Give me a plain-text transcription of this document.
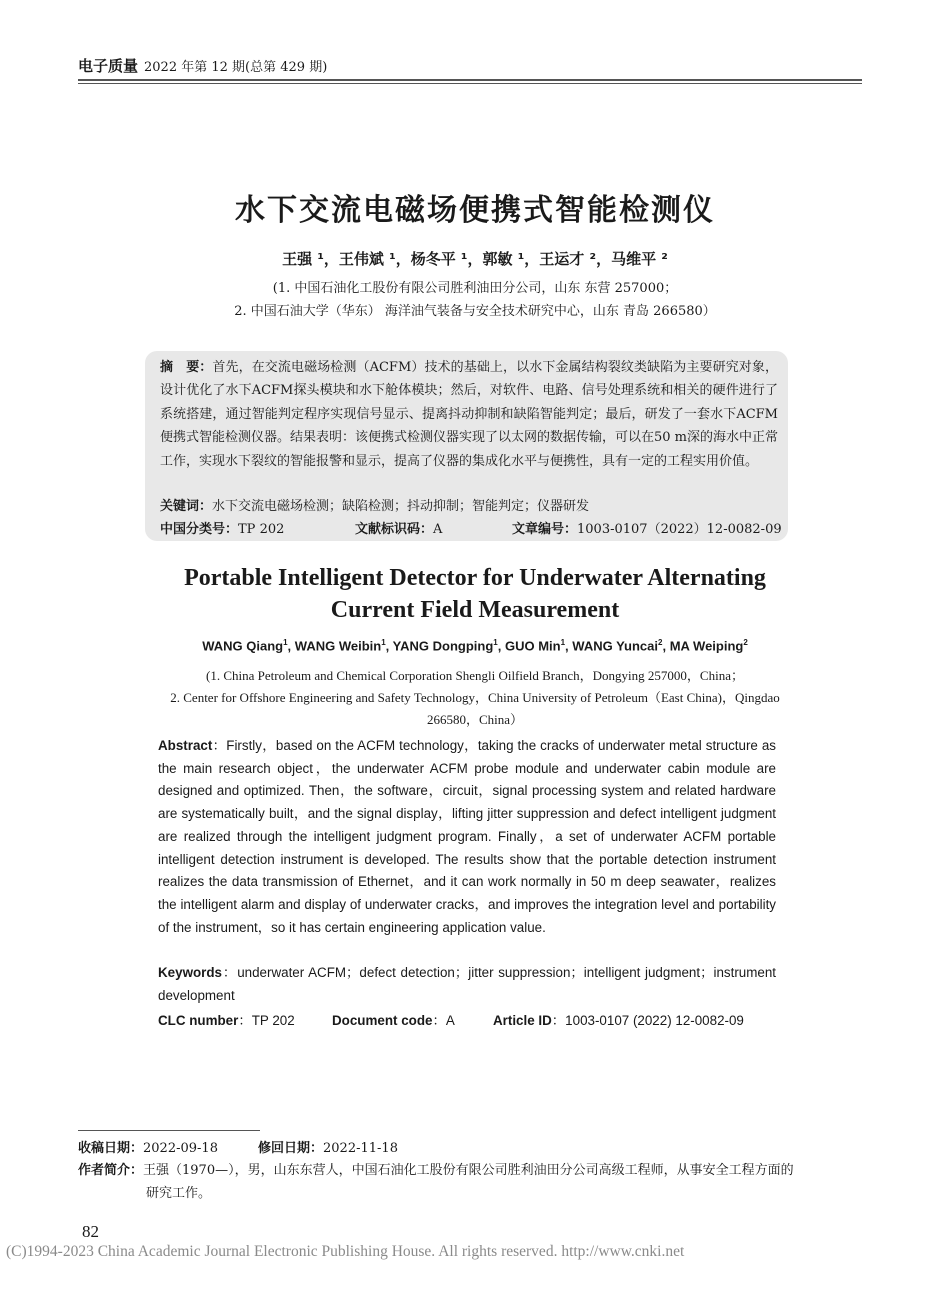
电子质量 2022 年第 12 期(总第 429 期)
水下交流电磁场便携式智能检测仪
王强 ¹，王伟斌 ¹，杨冬平 ¹，郭敏 ¹，王运才 ²，马维平 ²
(1. 中国石油化工股份有限公司胜利油田分公司，山东 东营 257000；
2. 中国石油大学（华东） 海洋油气装备与安全技术研究中心，山东 青岛 266580）
摘　要：首先，在交流电磁场检测（ACFM）技术的基础上，以水下金属结构裂纹类缺陷为主要研究对象，设计优化了水下ACFM探头模块和水下舱体模块；然后，对软件、电路、信号处理系统和相关的硬件进行了系统搭建，通过智能判定程序实现信号显示、提离抖动抑制和缺陷智能判定；最后，研发了一套水下ACFM便携式智能检测仪器。结果表明：该便携式检测仪器实现了以太网的数据传输，可以在50 m深的海水中正常工作，实现水下裂纹的智能报警和显示，提高了仪器的集成化水平与便携性，具有一定的工程实用价值。
关键词：水下交流电磁场检测；缺陷检测；抖动抑制；智能判定；仪器研发
中国分类号：TP 202	文献标识码：A	文章编号：1003-0107（2022）12-0082-09
Portable Intelligent Detector for Underwater Alternating
Current Field Measurement
WANG Qiang$^1$, WANG Weibin$^1$, YANG Dongping$^1$, GUO Min$^1$, WANG Yuncai$^2$, MA Weiping$^2$
(1. China Petroleum and Chemical Corporation Shengli Oilfield Branch，Dongying 257000，China；
2. Center for Offshore Engineering and Safety Technology，China University of Petroleum（East China)，Qingdao
266580，China）
Abstract：Firstly，based on the ACFM technology，taking the cracks of underwater metal structure as the main research object，the underwater ACFM probe module and underwater cabin module are designed and optimized. Then，the software，circuit，signal processing system and related hardware are systematically built，and the signal display，lifting jitter suppression and defect intelligent judgment are realized through the intelligent judgment program. Finally，a set of underwater ACFM portable intelligent detection instrument is developed. The results show that the portable detection instrument realizes the data transmission of Ethernet，and it can work normally in 50 m deep seawater，realizes the intelligent alarm and display of underwater cracks，and improves the integration level and portability of the instrument，so it has certain engineering application value.
Keywords：underwater ACFM；defect detection；jitter suppression；intelligent judgment；instrument development
CLC number：TP 202	Document code：A	Article ID：1003-0107 (2022) 12-0082-09
收稿日期：2022-09-18	修回日期：2022-11-18
作者简介：王强（1970—），男，山东东营人，中国石油化工股份有限公司胜利油田分公司高级工程师，从事安全工程方面的
研究工作。
82
(C)1994-2023 China Academic Journal Electronic Publishing House. All rights reserved. http://www.cnki.net
